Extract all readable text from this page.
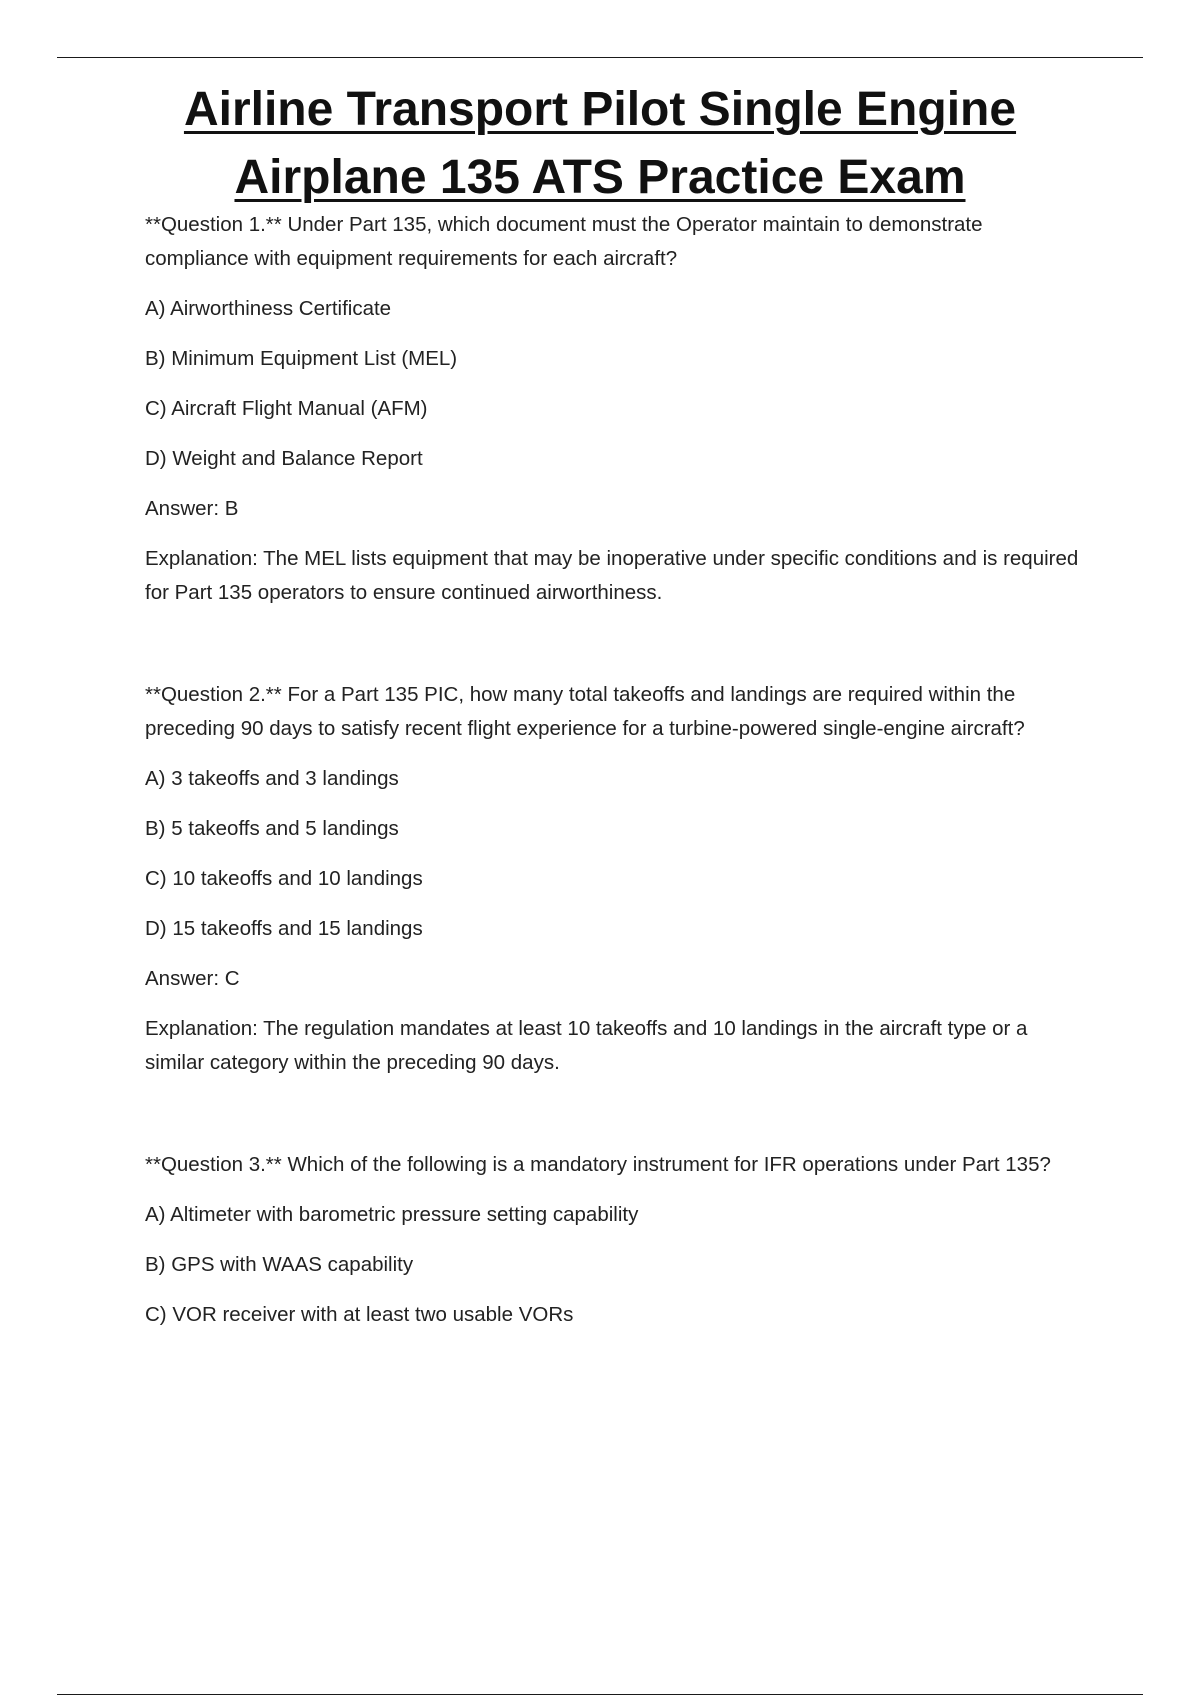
Airline Transport Pilot Single Engine
Airplane 135 ATS Practice Exam

**Question 1.** Under Part 135, which document must the Operator maintain to demonstrate compliance with equipment requirements for each aircraft?

A) Airworthiness Certificate

B) Minimum Equipment List (MEL)

C) Aircraft Flight Manual (AFM)

D) Weight and Balance Report

Answer: B

Explanation: The MEL lists equipment that may be inoperative under specific conditions and is required for Part 135 operators to ensure continued airworthiness.

**Question 2.** For a Part 135 PIC, how many total takeoffs and landings are required within the preceding 90 days to satisfy recent flight experience for a turbine-powered single-engine aircraft?

A) 3 takeoffs and 3 landings

B) 5 takeoffs and 5 landings

C) 10 takeoffs and 10 landings

D) 15 takeoffs and 15 landings

Answer: C

Explanation: The regulation mandates at least 10 takeoffs and 10 landings in the aircraft type or a similar category within the preceding 90 days.

**Question 3.** Which of the following is a mandatory instrument for IFR operations under Part 135?

A) Altimeter with barometric pressure setting capability

B) GPS with WAAS capability

C) VOR receiver with at least two usable VORs
